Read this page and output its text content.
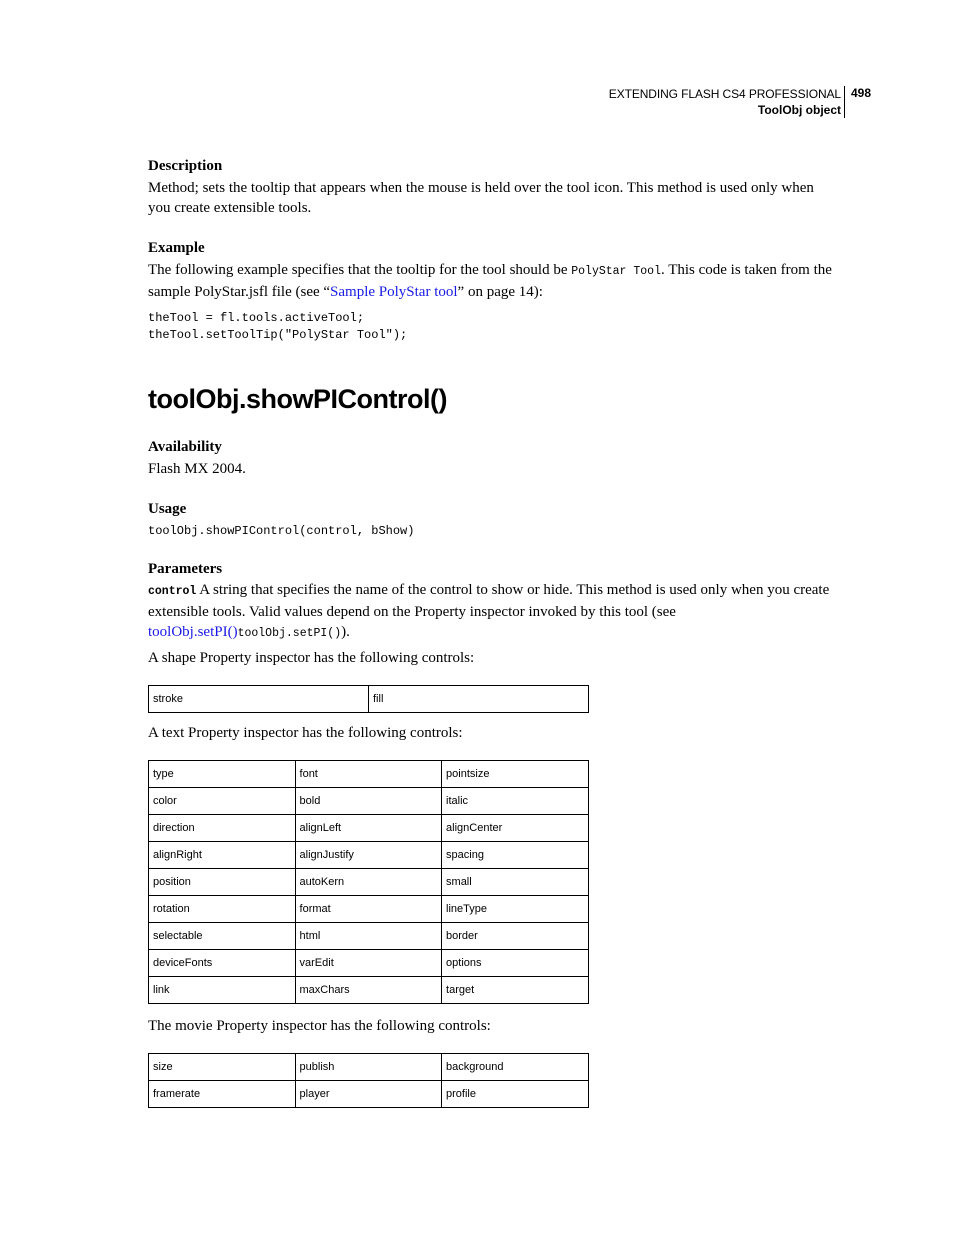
EXTENDING FLASH CS4 PROFESSIONAL
ToolObj object
498
Description
Method; sets the tooltip that appears when the mouse is held over the tool icon. This method is used only when you create extensible tools.
Example
The following example specifies that the tooltip for the tool should be PolyStar Tool. This code is taken from the sample PolyStar.jsfl file (see “Sample PolyStar tool” on page 14):
theTool = fl.tools.activeTool;
theTool.setToolTip("PolyStar Tool");
toolObj.showPIControl()
Availability
Flash MX 2004.
Usage
toolObj.showPIControl(control, bShow)
Parameters
control A string that specifies the name of the control to show or hide. This method is used only when you create extensible tools. Valid values depend on the Property inspector invoked by this tool (see toolObj.setPI()toolObj.setPI()).
A shape Property inspector has the following controls:
stroke	fill
A text Property inspector has the following controls:
type	font	pointsize
color	bold	italic
direction	alignLeft	alignCenter
alignRight	alignJustify	spacing
position	autoKern	small
rotation	format	lineType
selectable	html	border
deviceFonts	varEdit	options
link	maxChars	target
The movie Property inspector has the following controls:
size	publish	background
framerate	player	profile
